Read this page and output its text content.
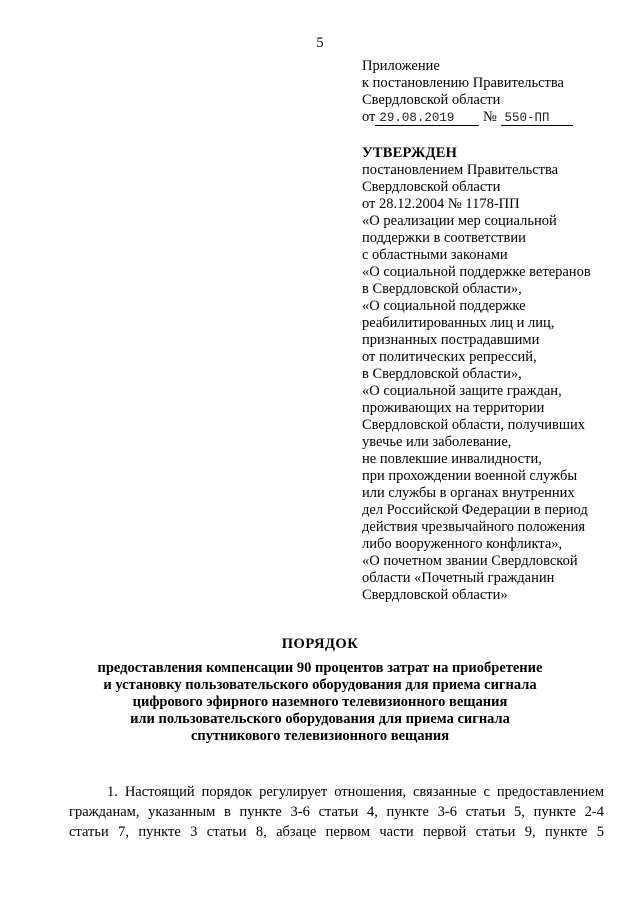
5
Приложение
к постановлению Правительства
Свердловской области
от 29.08.2019 № 550-ПП
УТВЕРЖДЕН
постановлением Правительства
Свердловской области
от 28.12.2004 № 1178-ПП
«О реализации мер социальной
поддержки в соответствии
с областными законами
«О социальной поддержке ветеранов
в Свердловской области»,
«О социальной поддержке
реабилитированных лиц и лиц,
признанных пострадавшими
от политических репрессий,
в Свердловской области»,
«О социальной защите граждан,
проживающих на территории
Свердловской области, получивших
увечье или заболевание,
не повлекшие инвалидности,
при прохождении военной службы
или службы в органах внутренних
дел Российской Федерации в период
действия чрезвычайного положения
либо вооруженного конфликта»,
«О почетном звании Свердловской
области «Почетный гражданин
Свердловской области»
ПОРЯДОК
предоставления компенсации 90 процентов затрат на приобретение
и установку пользовательского оборудования для приема сигнала
цифрового эфирного наземного телевизионного вещания
или пользовательского оборудования для приема сигнала
спутникового телевизионного вещания
1. Настоящий порядок регулирует отношения, связанные с предоставлением
гражданам, указанным в пункте 3-6 статьи 4, пункте 3-6 статьи 5, пункте 2-4
статьи 7, пункте 3 статьи 8, абзаце первом части первой статьи 9, пункте 5
